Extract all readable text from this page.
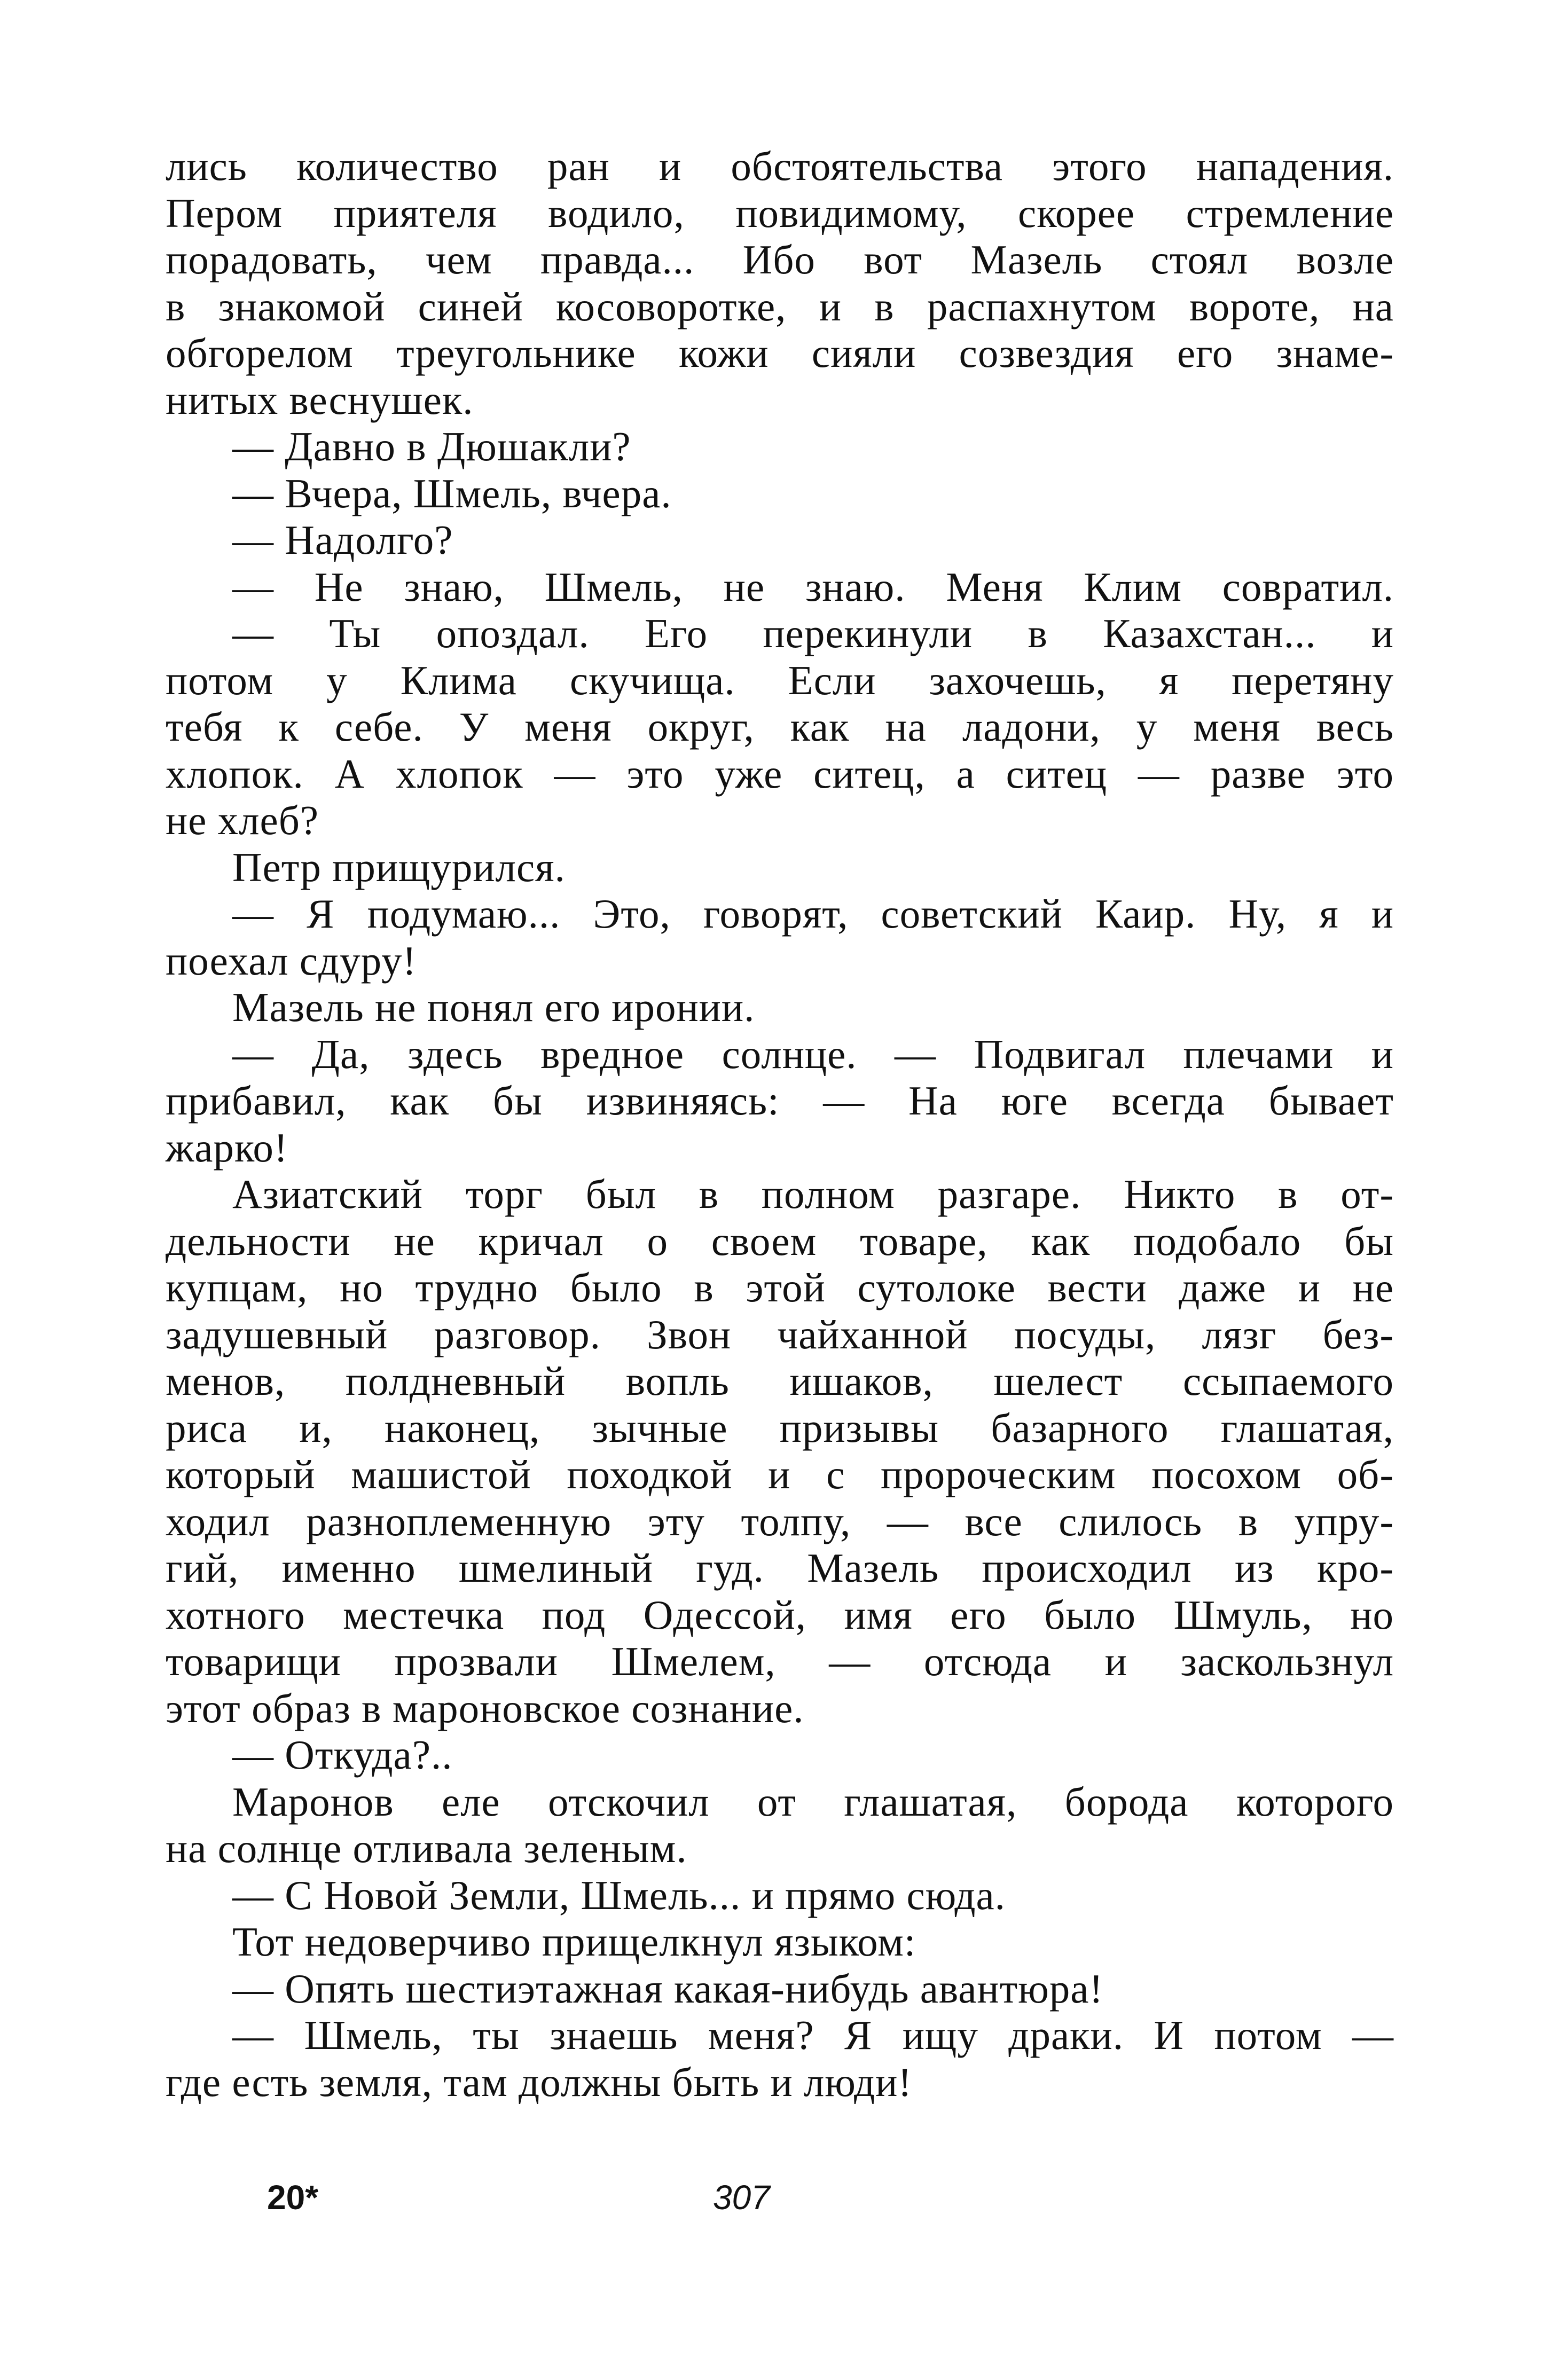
лись количество ран и обстоятельства этого нападения.
Пером приятеля водило, повидимому, скорее стремление
порадовать, чем правда... Ибо вот Мазель стоял возле
в знакомой синей косоворотке, и в распахнутом вороте, на
обгорелом треугольнике кожи сияли созвездия его знаме-
нитых веснушек.
— Давно в Дюшакли?
— Вчера, Шмель, вчера.
— Надолго?
— Не знаю, Шмель, не знаю. Меня Клим совратил.
— Ты опоздал. Его перекинули в Казахстан... и
потом у Клима скучища. Если захочешь, я перетяну
тебя к себе. У меня округ, как на ладони, у меня весь
хлопок. А хлопок — это уже ситец, а ситец — разве это
не хлеб?
Петр прищурился.
— Я подумаю... Это, говорят, советский Каир. Ну, я и
поехал сдуру!
Мазель не понял его иронии.
— Да, здесь вредное солнце. — Подвигал плечами и
прибавил, как бы извиняясь: — На юге всегда бывает
жарко!
Азиатский торг был в полном разгаре. Никто в от-
дельности не кричал о своем товаре, как подобало бы
купцам, но трудно было в этой сутолоке вести даже и не
задушевный разговор. Звон чайханной посуды, лязг без-
менов, полдневный вопль ишаков, шелест ссыпаемого
риса и, наконец, зычные призывы базарного глашатая,
который машистой походкой и с пророческим посохом об-
ходил разноплеменную эту толпу, — все слилось в упру-
гий, именно шмелиный гуд. Мазель происходил из кро-
хотного местечка под Одессой, имя его было Шмуль, но
товарищи прозвали Шмелем, — отсюда и заскользнул
этот образ в мароновское сознание.
— Откуда?..
Маронов еле отскочил от глашатая, борода которого
на солнце отливала зеленым.
— С Новой Земли, Шмель... и прямо сюда.
Тот недоверчиво прищелкнул языком:
— Опять шестиэтажная какая-нибудь авантюра!
— Шмель, ты знаешь меня? Я ищу драки. И потом —
где есть земля, там должны быть и люди!
20*	307
